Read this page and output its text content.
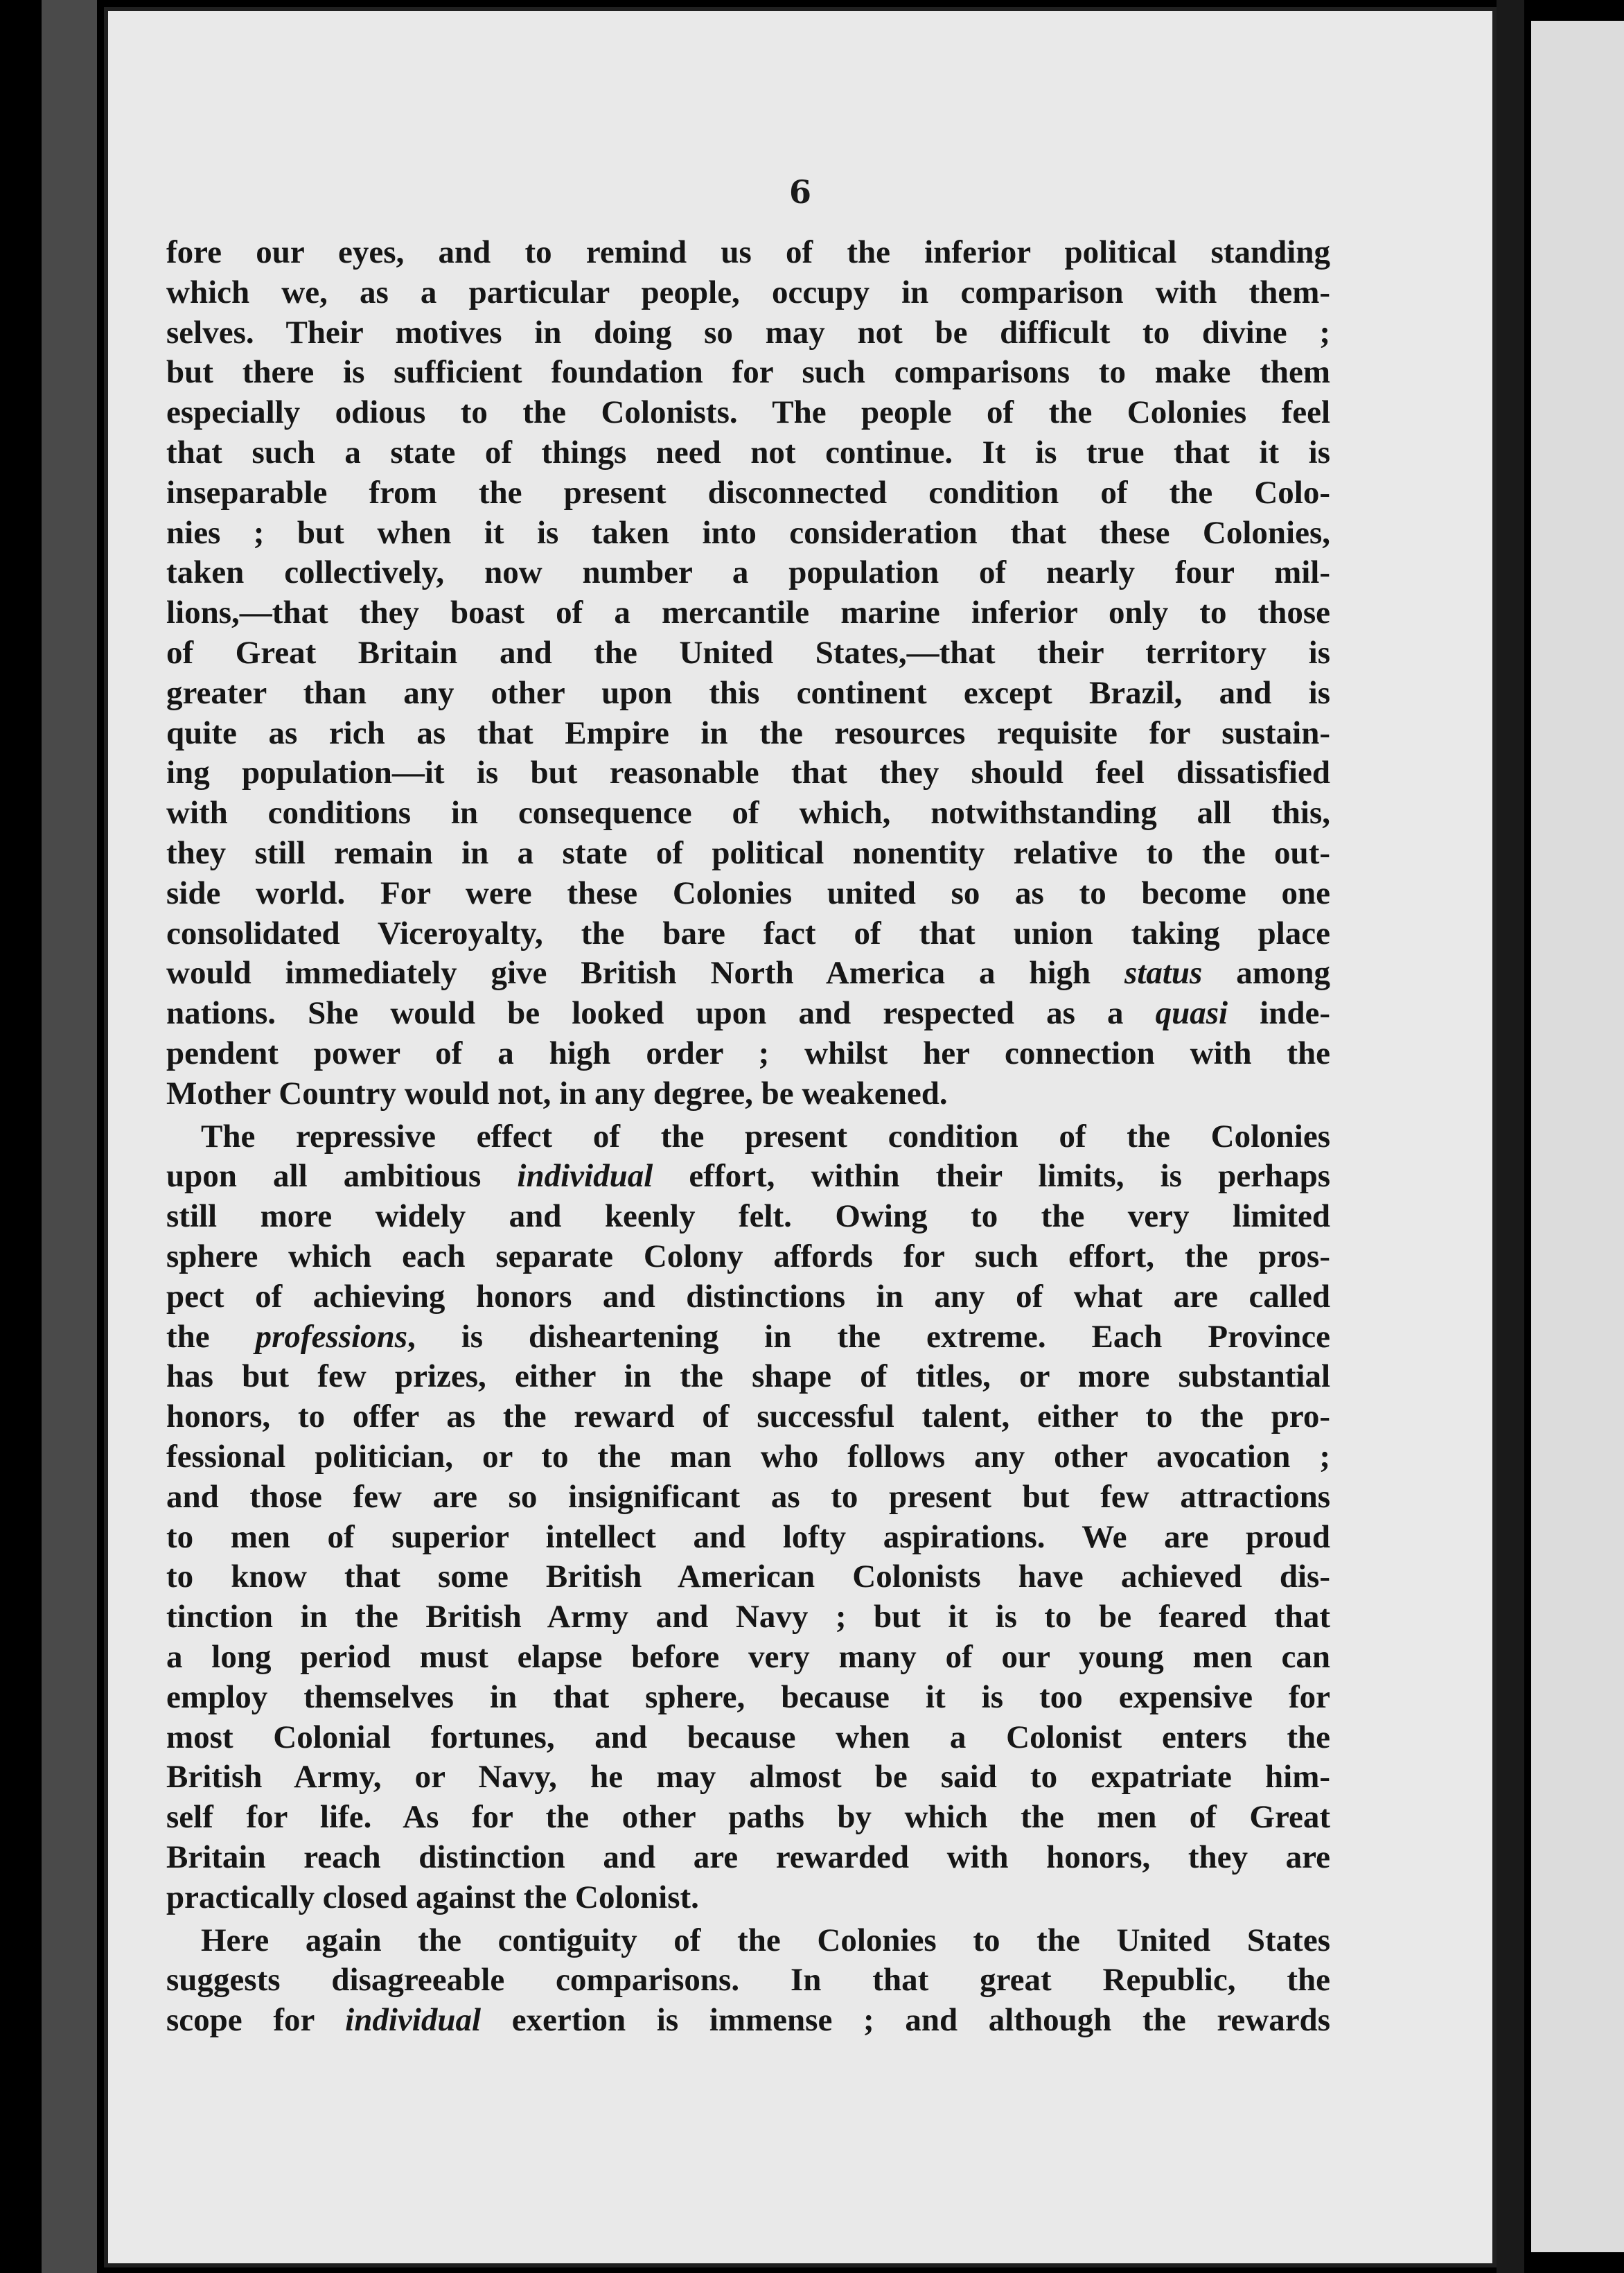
6
fore our eyes, and to remind us of the inferior political standing
which we, as a particular people, occupy in comparison with them-
selves. Their motives in doing so may not be difficult to divine ;
but there is sufficient foundation for such comparisons to make them
especially odious to the Colonists. The people of the Colonies feel
that such a state of things need not continue. It is true that it is
inseparable from the present disconnected condition of the Colo-
nies ; but when it is taken into consideration that these Colonies,
taken collectively, now number a population of nearly four mil-
lions,—that they boast of a mercantile marine inferior only to those
of Great Britain and the United States,—that their territory is
greater than any other upon this continent except Brazil, and is
quite as rich as that Empire in the resources requisite for sustain-
ing population—it is but reasonable that they should feel dissatisfied
with conditions in consequence of which, notwithstanding all this,
they still remain in a state of political nonentity relative to the out-
side world. For were these Colonies united so as to become one
consolidated Viceroyalty, the bare fact of that union taking place
would immediately give British North America a high status among
nations. She would be looked upon and respected as a quasi inde-
pendent power of a high order ; whilst her connection with the
Mother Country would not, in any degree, be weakened.
The repressive effect of the present condition of the Colonies
upon all ambitious individual effort, within their limits, is perhaps
still more widely and keenly felt. Owing to the very limited
sphere which each separate Colony affords for such effort, the pros-
pect of achieving honors and distinctions in any of what are called
the professions, is disheartening in the extreme. Each Province
has but few prizes, either in the shape of titles, or more substantial
honors, to offer as the reward of successful talent, either to the pro-
fessional politician, or to the man who follows any other avocation ;
and those few are so insignificant as to present but few attractions
to men of superior intellect and lofty aspirations. We are proud
to know that some British American Colonists have achieved dis-
tinction in the British Army and Navy ; but it is to be feared that
a long period must elapse before very many of our young men can
employ themselves in that sphere, because it is too expensive for
most Colonial fortunes, and because when a Colonist enters the
British Army, or Navy, he may almost be said to expatriate him-
self for life. As for the other paths by which the men of Great
Britain reach distinction and are rewarded with honors, they are
practically closed against the Colonist.
Here again the contiguity of the Colonies to the United States
suggests disagreeable comparisons. In that great Republic, the
scope for individual exertion is immense ; and although the rewards
